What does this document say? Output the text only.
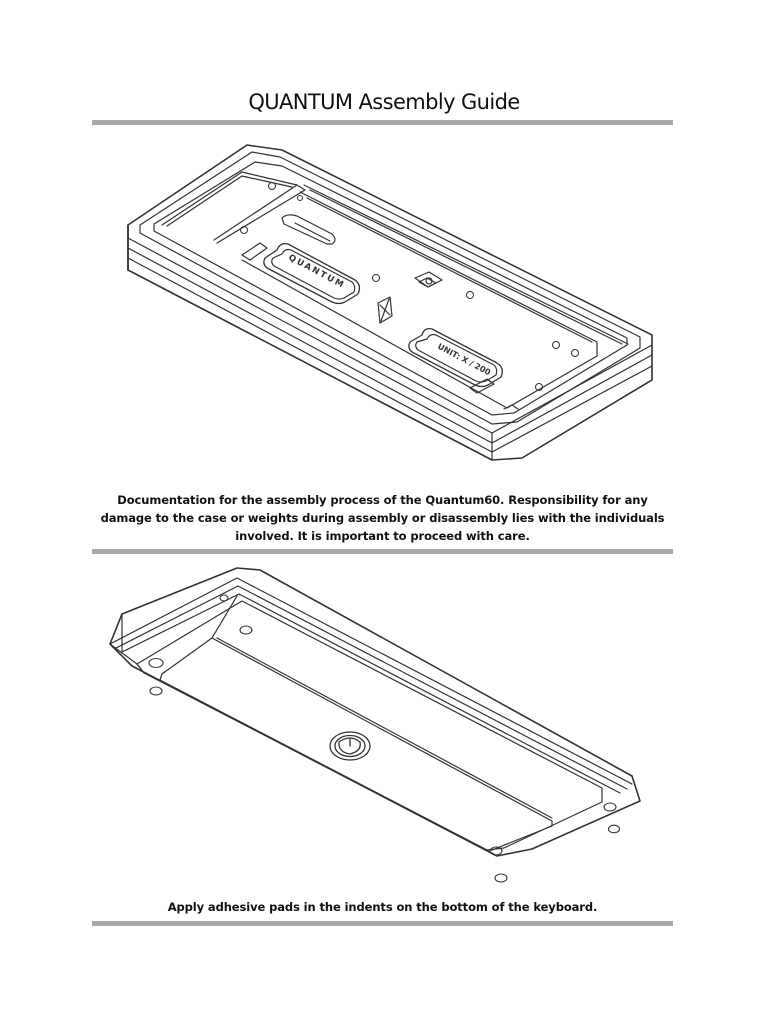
QUANTUM Assembly Guide
QUANTUM
UNIT: X / 200
Documentation for the assembly process of the Quantum60. Responsibility for any damage to the case or weights during assembly or disassembly lies with the individuals involved. It is important to proceed with care.
Apply adhesive pads in the indents on the bottom of the keyboard.
